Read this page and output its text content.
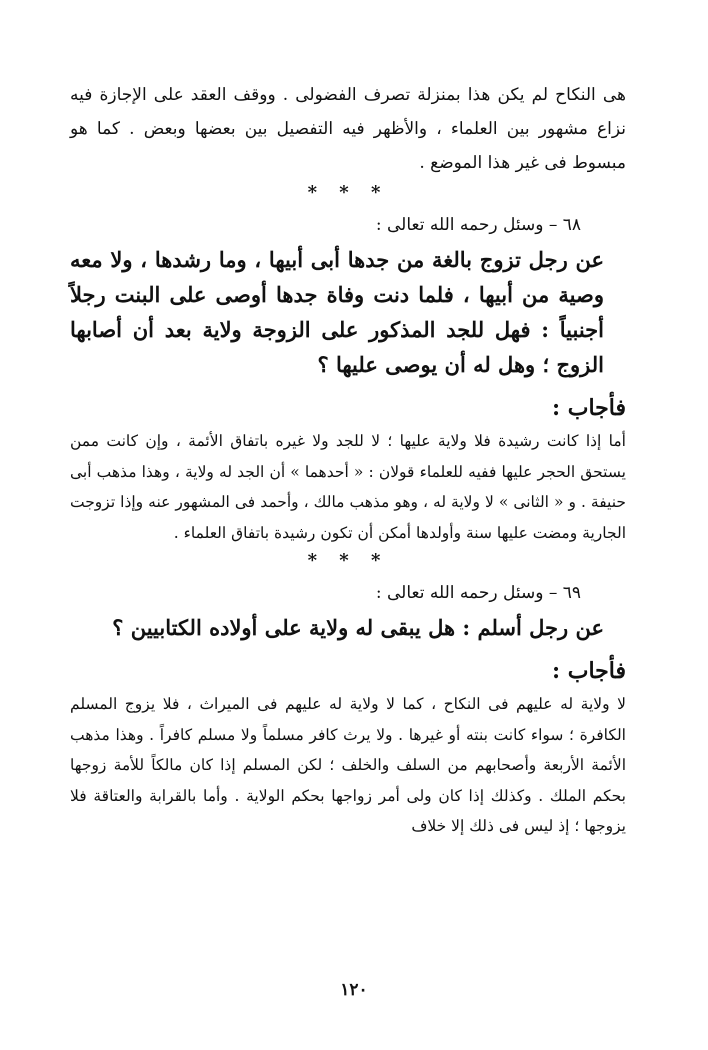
هى النكاح لم يكن هذا بمنزلة تصرف الفضولى . ووقف العقد على الإجازة فيه نزاع مشهور بين العلماء ، والأظهر فيه التفصيل بين بعضها وبعض . كما هو مبسوط فى غير هذا الموضع .

* * *

٦٨ – وسئل رحمه الله تعالى :

عن رجل تزوج بالغة من جدها أبى أبيها ، وما رشدها ، ولا معه وصية من أبيها ، فلما دنت وفاة جدها أوصى على البنت رجلاً أجنبياً : فهل للجد المذكور على الزوجة ولاية بعد أن أصابها الزوج ؛ وهل له أن يوصى عليها ؟

فأجاب :

أما إذا كانت رشيدة فلا ولاية عليها ؛ لا للجد ولا غيره باتفاق الأئمة ، وإن كانت ممن يستحق الحجر عليها ففيه للعلماء قولان : « أحدهما » أن الجد له ولاية ، وهذا مذهب أبى حنيفة . و « الثانى » لا ولاية له ، وهو مذهب مالك ، وأحمد فى المشهور عنه وإذا تزوجت الجارية ومضت عليها سنة وأولدها أمكن أن تكون رشيدة باتفاق العلماء .

* * *

٦٩ – وسئل رحمه الله تعالى :

عن رجل أسلم : هل يبقى له ولاية على أولاده الكتابيين ؟

فأجاب :

لا ولاية له عليهم فى النكاح ، كما لا ولاية له عليهم فى الميراث ، فلا يزوج المسلم الكافرة ؛ سواء كانت بنته أو غيرها . ولا يرث كافر مسلماً ولا مسلم كافراً . وهذا مذهب الأئمة الأربعة وأصحابهم من السلف والخلف ؛ لكن المسلم إذا كان مالكاً للأمة زوجها بحكم الملك . وكذلك إذا كان ولى أمر زواجها بحكم الولاية . وأما بالقرابة والعتاقة فلا يزوجها ؛ إذ ليس فى ذلك إلا خلاف

١٢٠
